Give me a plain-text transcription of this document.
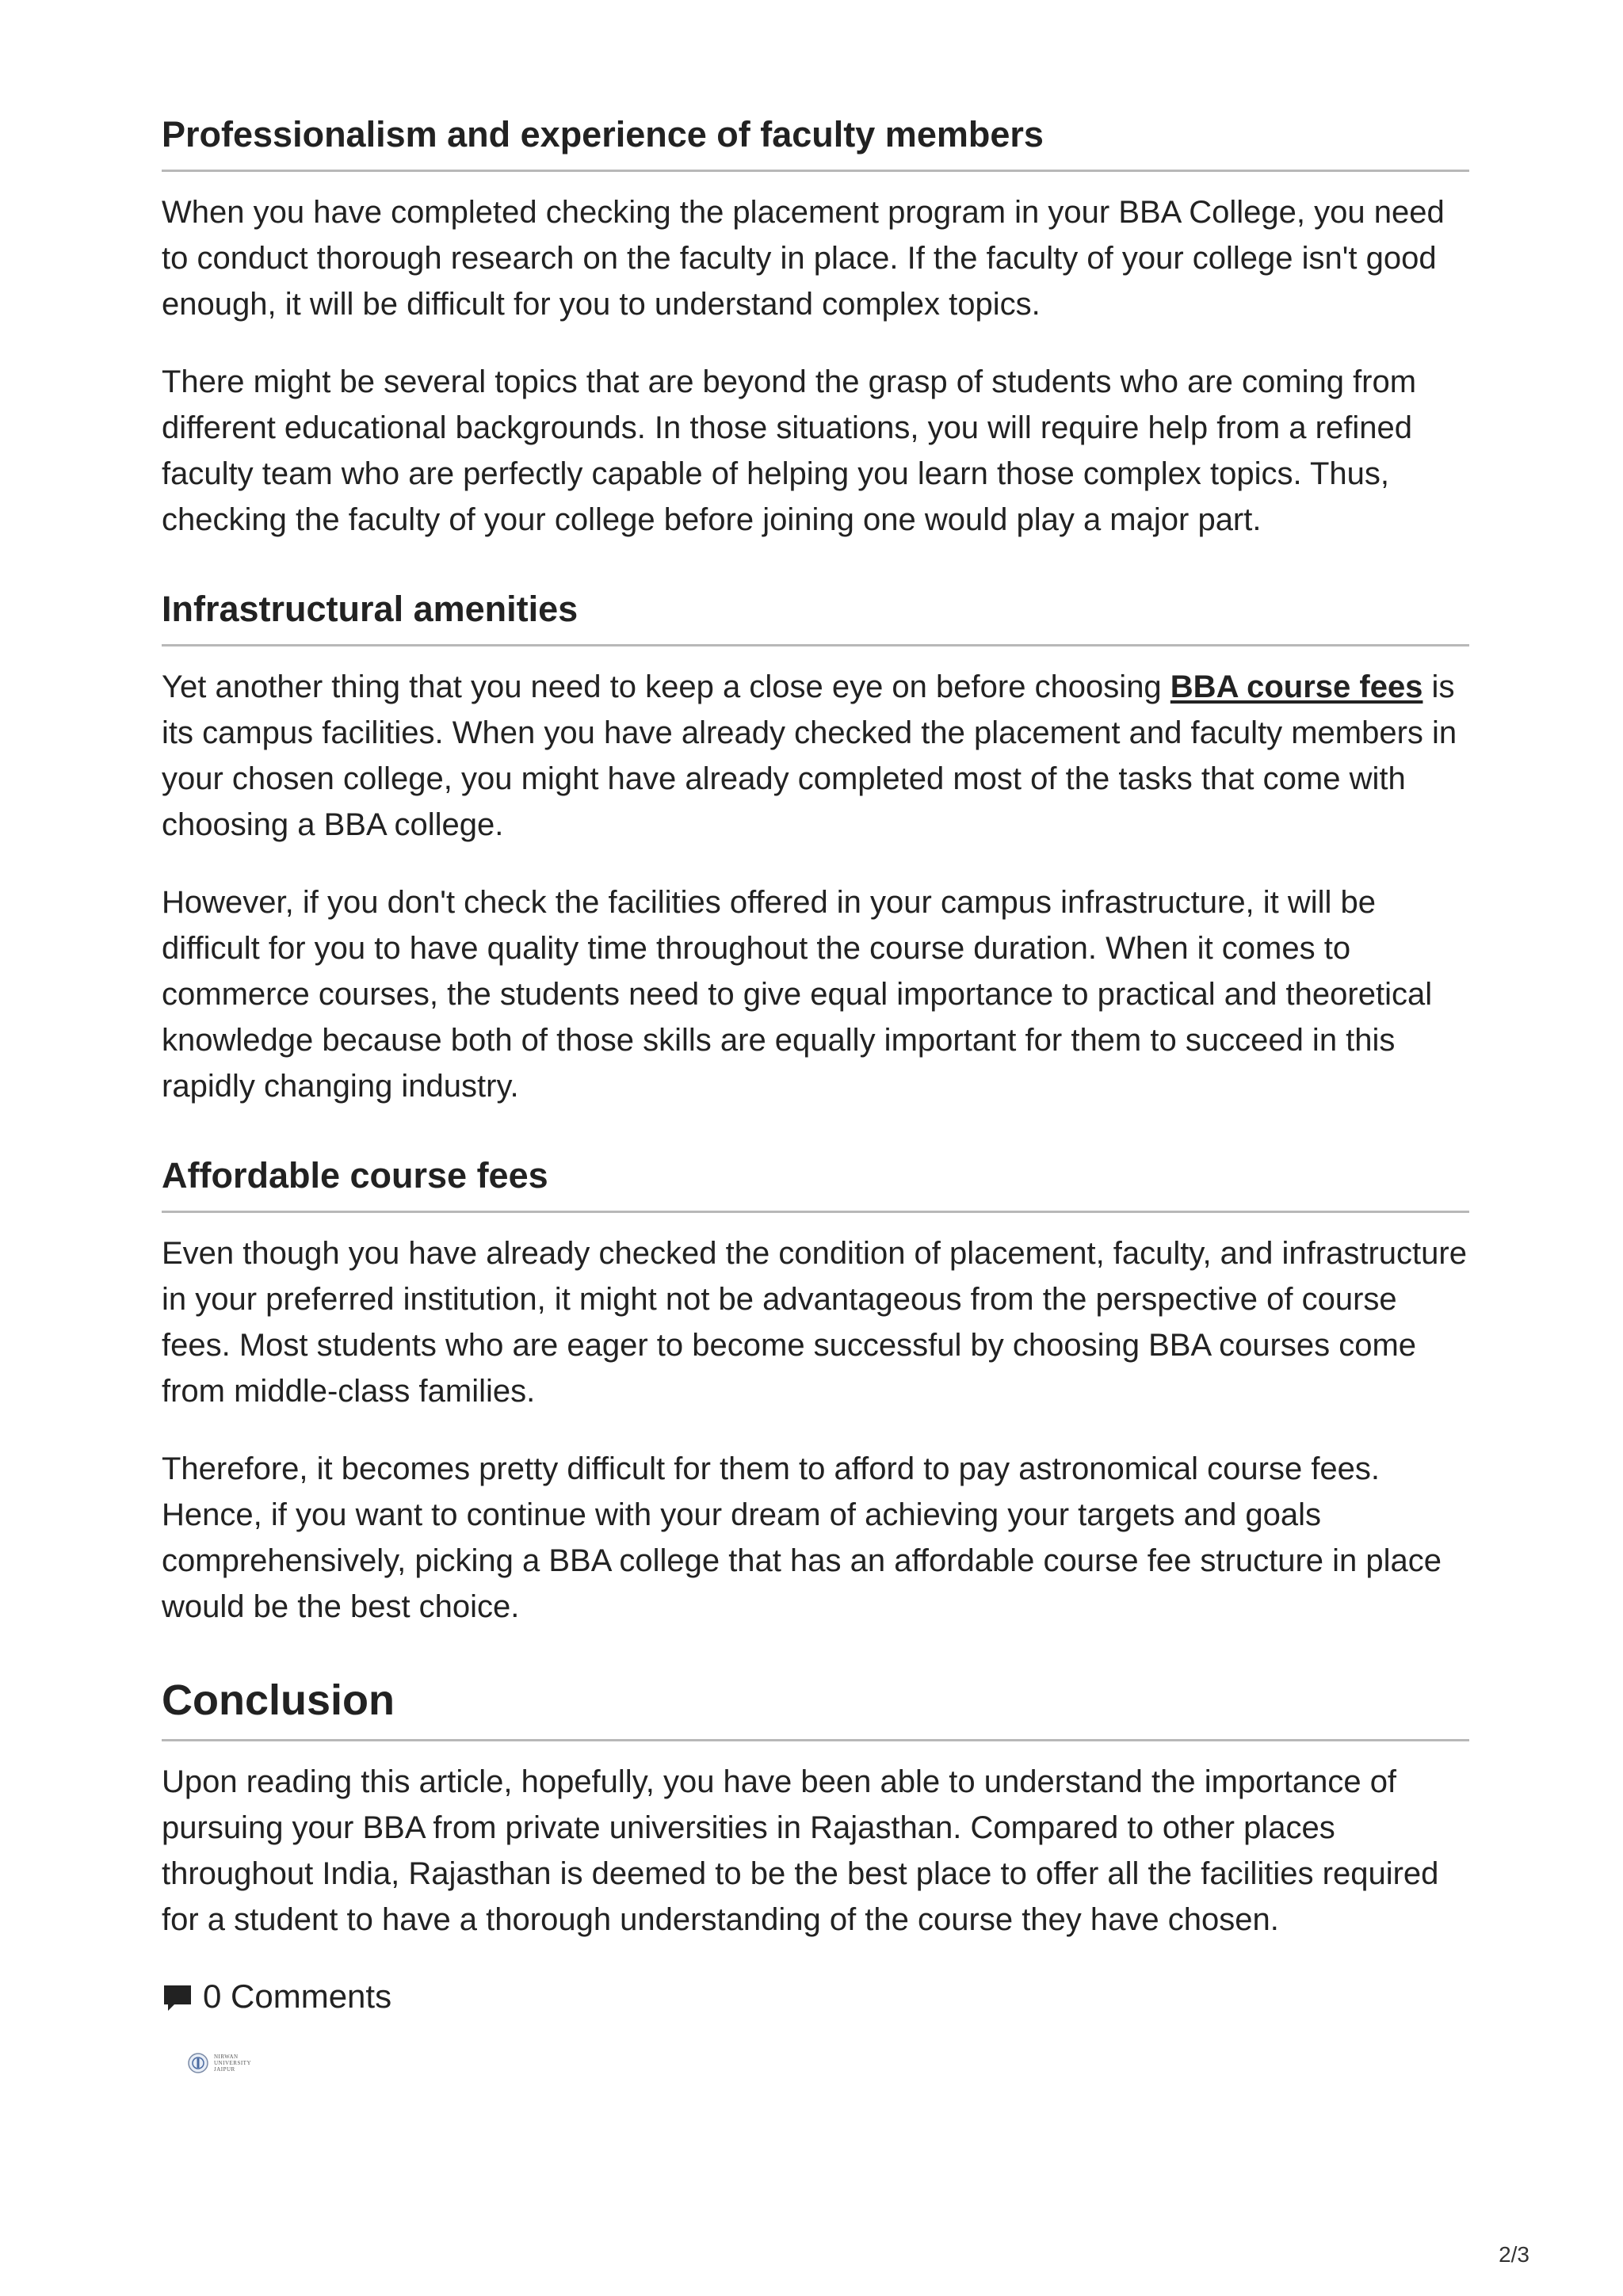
Professionalism and experience of faculty members

When you have completed checking the placement program in your BBA College, you need to conduct thorough research on the faculty in place. If the faculty of your college isn't good enough, it will be difficult for you to understand complex topics.

There might be several topics that are beyond the grasp of students who are coming from different educational backgrounds. In those situations, you will require help from a refined faculty team who are perfectly capable of helping you learn those complex topics. Thus, checking the faculty of your college before joining one would play a major part.

Infrastructural amenities

Yet another thing that you need to keep a close eye on before choosing BBA course fees is its campus facilities. When you have already checked the placement and faculty members in your chosen college, you might have already completed most of the tasks that come with choosing a BBA college.

However, if you don't check the facilities offered in your campus infrastructure, it will be difficult for you to have quality time throughout the course duration. When it comes to commerce courses, the students need to give equal importance to practical and theoretical knowledge because both of those skills are equally important for them to succeed in this rapidly changing industry.

Affordable course fees

Even though you have already checked the condition of placement, faculty, and infrastructure in your preferred institution, it might not be advantageous from the perspective of course fees. Most students who are eager to become successful by choosing BBA courses come from middle-class families.

Therefore, it becomes pretty difficult for them to afford to pay astronomical course fees. Hence, if you want to continue with your dream of achieving your targets and goals comprehensively, picking a BBA college that has an affordable course fee structure in place would be the best choice.

Conclusion

Upon reading this article, hopefully, you have been able to understand the importance of pursuing your BBA from private universities in Rajasthan. Compared to other places throughout India, Rajasthan is deemed to be the best place to offer all the facilities required for a student to have a thorough understanding of the course they have chosen.

0 Comments
NIRWAN
UNIVERSITY
JAIPUR
2/3
